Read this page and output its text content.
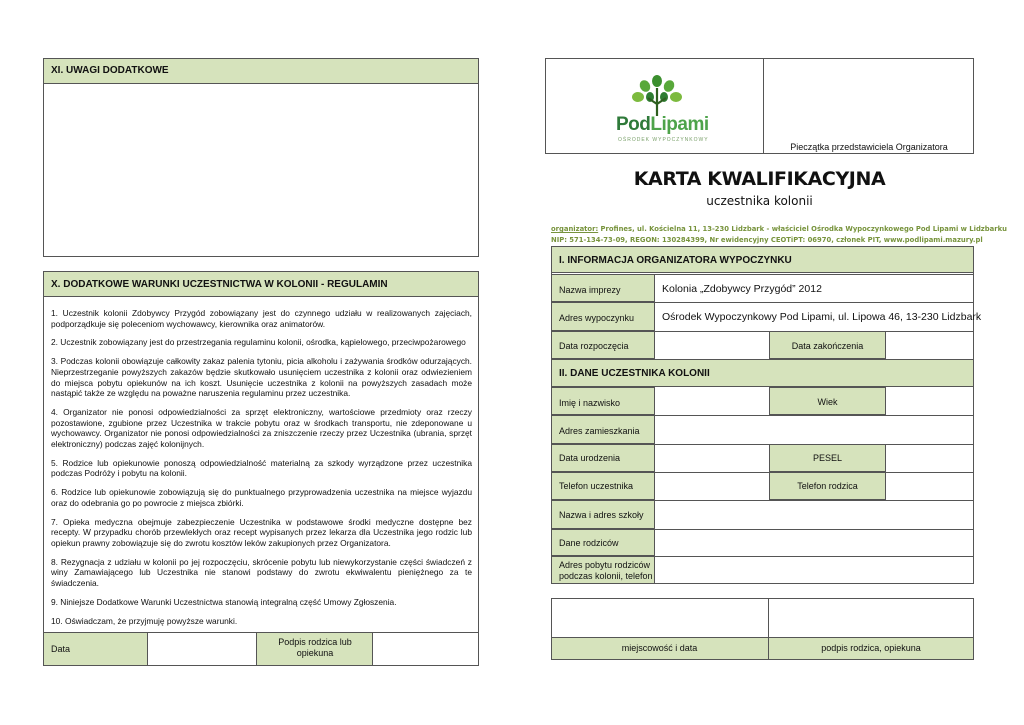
XI. UWAGI DODATKOWE
X. DODATKOWE WARUNKI UCZESTNICTWA W KOLONII - REGULAMIN

1. Uczestnik kolonii Zdobywcy Przygód zobowiązany jest do czynnego udziału w realizowanych zajęciach, podporządkuje się poleceniom wychowawcy, kierownika oraz animatorów.

2. Uczestnik zobowiązany jest do przestrzegania regulaminu kolonii, ośrodka, kąpielowego, przeciwpożarowego

3. Podczas kolonii obowiązuje całkowity zakaz palenia tytoniu, picia alkoholu i zażywania środków odurzających. Nieprzestrzeganie powyższych zakazów będzie skutkowało usunięciem uczestnika z kolonii oraz odwiezieniem do miejsca pobytu opiekunów na ich koszt. Usunięcie uczestnika z kolonii na powyższych zasadach może nastąpić także ze względu na poważne naruszenia regulaminu przez uczestnika.

4. Organizator nie ponosi odpowiedzialności za sprzęt elektroniczny, wartościowe przedmioty oraz rzeczy pozostawione, zgubione przez Uczestnika w trakcie pobytu oraz w środkach transportu, nie zdeponowane u wychowawcy. Organizator nie ponosi odpowiedzialności za zniszczenie rzeczy przez Uczestnika (ubrania, sprzęt elektroniczny) podczas zajęć kolonijnych.

5. Rodzice lub opiekunowie ponoszą odpowiedzialność materialną za szkody wyrządzone przez uczestnika podczas Podróży i pobytu na kolonii.

6. Rodzice lub opiekunowie zobowiązują się do punktualnego przyprowadzenia uczestnika na miejsce wyjazdu oraz do odebrania go po powrocie z miejsca zbiórki.

7. Opieka medyczna obejmuje zabezpieczenie Uczestnika w podstawowe środki medyczne dostępne bez recepty. W przypadku chorób przewlekłych oraz recept wypisanych przez lekarza dla Uczestnika jego rodzic lub opiekun prawny zobowiązuje się do zwrotu kosztów leków zakupionych przez Organizatora.

8. Rezygnacja z udziału w kolonii po jej rozpoczęciu, skrócenie pobytu lub niewykorzystanie części świadczeń z winy Zamawiającego lub Uczestnika nie stanowi podstawy do zwrotu ekwiwalentu pieniężnego za te świadczenia.

9. Niniejsze Dodatkowe Warunki Uczestnictwa stanowią integralną część Umowy Zgłoszenia.

10. Oświadczam, że przyjmuję powyższe warunki.

Data
Podpis rodzica lub opiekuna
PodLipami
OŚRODEK WYPOCZYNKOWY
Pieczątka przedstawiciela Organizatora
KARTA KWALIFIKACYJNA
uczestnika kolonii
organizator: Profines, ul. Kościelna 11, 13-230 Lidzbark - właściciel Ośrodka Wypoczynkowego Pod Lipami w Lidzbarku
NIP: 571-134-73-09, REGON: 130284399, Nr ewidencyjny CEOTiPT: 06970, członek PIT, www.podlipami.mazury.pl
I. INFORMACJA ORGANIZATORA WYPOCZYNKU
Nazwa imprezy	Kolonia „Zdobywcy Przygód” 2012
Adres wypoczynku	Ośrodek Wypoczynkowy Pod Lipami, ul. Lipowa 46, 13-230 Lidzbark
Data rozpoczęcia	Data zakończenia
II. DANE UCZESTNIKA KOLONII
Imię i nazwisko	Wiek
Adres zamieszkania
Data urodzenia	PESEL
Telefon uczestnika	Telefon rodzica
Nazwa i adres szkoły
Dane rodziców
Adres pobytu rodziców podczas kolonii, telefon
miejscowość i data	podpis rodzica, opiekuna
